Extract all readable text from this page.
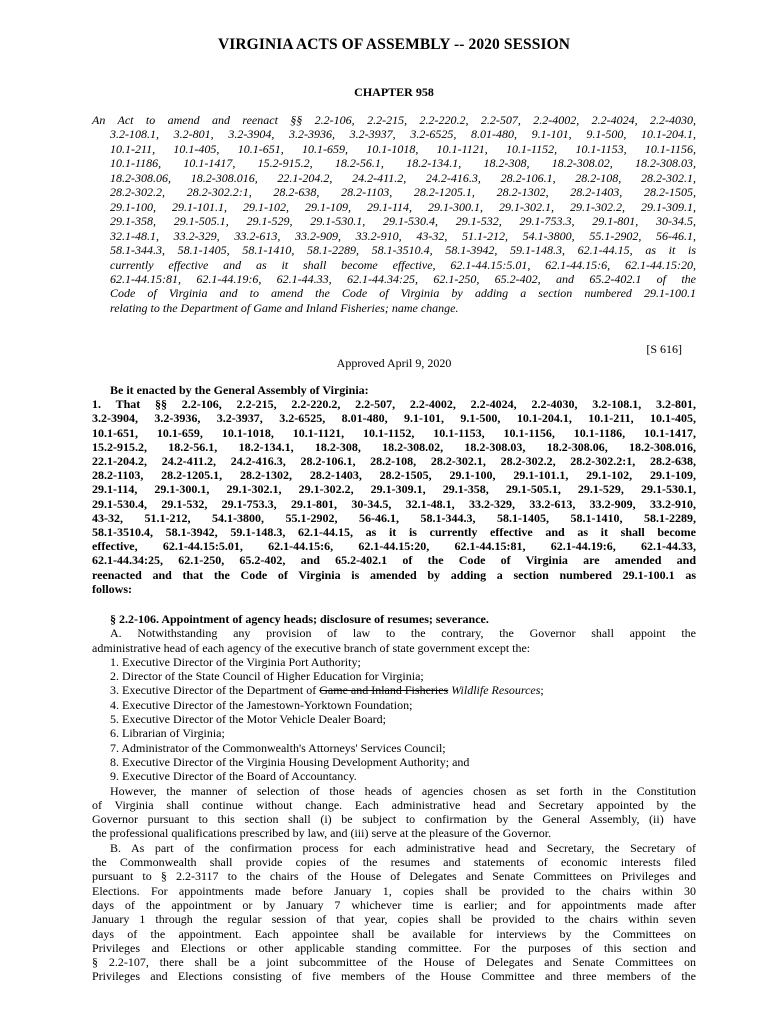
VIRGINIA ACTS OF ASSEMBLY -- 2020 SESSION
CHAPTER 958
An Act to amend and reenact §§ 2.2-106, 2.2-215, 2.2-220.2, 2.2-507, 2.2-4002, 2.2-4024, 2.2-4030,
3.2-108.1, 3.2-801, 3.2-3904, 3.2-3936, 3.2-3937, 3.2-6525, 8.01-480, 9.1-101, 9.1-500, 10.1-204.1,
10.1-211, 10.1-405, 10.1-651, 10.1-659, 10.1-1018, 10.1-1121, 10.1-1152, 10.1-1153, 10.1-1156,
10.1-1186, 10.1-1417, 15.2-915.2, 18.2-56.1, 18.2-134.1, 18.2-308, 18.2-308.02, 18.2-308.03,
18.2-308.06, 18.2-308.016, 22.1-204.2, 24.2-411.2, 24.2-416.3, 28.2-106.1, 28.2-108, 28.2-302.1,
28.2-302.2, 28.2-302.2:1, 28.2-638, 28.2-1103, 28.2-1205.1, 28.2-1302, 28.2-1403, 28.2-1505,
29.1-100, 29.1-101.1, 29.1-102, 29.1-109, 29.1-114, 29.1-300.1, 29.1-302.1, 29.1-302.2, 29.1-309.1,
29.1-358, 29.1-505.1, 29.1-529, 29.1-530.1, 29.1-530.4, 29.1-532, 29.1-753.3, 29.1-801, 30-34.5,
32.1-48.1, 33.2-329, 33.2-613, 33.2-909, 33.2-910, 43-32, 51.1-212, 54.1-3800, 55.1-2902, 56-46.1,
58.1-344.3, 58.1-1405, 58.1-1410, 58.1-2289, 58.1-3510.4, 58.1-3942, 59.1-148.3, 62.1-44.15, as it is
currently effective and as it shall become effective, 62.1-44.15:5.01, 62.1-44.15:6, 62.1-44.15:20,
62.1-44.15:81, 62.1-44.19:6, 62.1-44.33, 62.1-44.34:25, 62.1-250, 65.2-402, and 65.2-402.1 of the
Code of Virginia and to amend the Code of Virginia by adding a section numbered 29.1-100.1
relating to the Department of Game and Inland Fisheries; name change.
[S 616]
Approved April 9, 2020
Be it enacted by the General Assembly of Virginia:
1. That §§ 2.2-106, 2.2-215, 2.2-220.2, 2.2-507, 2.2-4002, 2.2-4024, 2.2-4030, 3.2-108.1, 3.2-801,
3.2-3904, 3.2-3936, 3.2-3937, 3.2-6525, 8.01-480, 9.1-101, 9.1-500, 10.1-204.1, 10.1-211, 10.1-405,
10.1-651, 10.1-659, 10.1-1018, 10.1-1121, 10.1-1152, 10.1-1153, 10.1-1156, 10.1-1186, 10.1-1417,
15.2-915.2, 18.2-56.1, 18.2-134.1, 18.2-308, 18.2-308.02, 18.2-308.03, 18.2-308.06, 18.2-308.016,
22.1-204.2, 24.2-411.2, 24.2-416.3, 28.2-106.1, 28.2-108, 28.2-302.1, 28.2-302.2, 28.2-302.2:1, 28.2-638,
28.2-1103, 28.2-1205.1, 28.2-1302, 28.2-1403, 28.2-1505, 29.1-100, 29.1-101.1, 29.1-102, 29.1-109,
29.1-114, 29.1-300.1, 29.1-302.1, 29.1-302.2, 29.1-309.1, 29.1-358, 29.1-505.1, 29.1-529, 29.1-530.1,
29.1-530.4, 29.1-532, 29.1-753.3, 29.1-801, 30-34.5, 32.1-48.1, 33.2-329, 33.2-613, 33.2-909, 33.2-910,
43-32, 51.1-212, 54.1-3800, 55.1-2902, 56-46.1, 58.1-344.3, 58.1-1405, 58.1-1410, 58.1-2289,
58.1-3510.4, 58.1-3942, 59.1-148.3, 62.1-44.15, as it is currently effective and as it shall become
effective, 62.1-44.15:5.01, 62.1-44.15:6, 62.1-44.15:20, 62.1-44.15:81, 62.1-44.19:6, 62.1-44.33,
62.1-44.34:25, 62.1-250, 65.2-402, and 65.2-402.1 of the Code of Virginia are amended and
reenacted and that the Code of Virginia is amended by adding a section numbered 29.1-100.1 as
follows:
§ 2.2-106. Appointment of agency heads; disclosure of resumes; severance.
A. Notwithstanding any provision of law to the contrary, the Governor shall appoint the
administrative head of each agency of the executive branch of state government except the:
1. Executive Director of the Virginia Port Authority;
2. Director of the State Council of Higher Education for Virginia;
3. Executive Director of the Department of Game and Inland Fisheries Wildlife Resources;
4. Executive Director of the Jamestown-Yorktown Foundation;
5. Executive Director of the Motor Vehicle Dealer Board;
6. Librarian of Virginia;
7. Administrator of the Commonwealth's Attorneys' Services Council;
8. Executive Director of the Virginia Housing Development Authority; and
9. Executive Director of the Board of Accountancy.
However, the manner of selection of those heads of agencies chosen as set forth in the Constitution
of Virginia shall continue without change. Each administrative head and Secretary appointed by the
Governor pursuant to this section shall (i) be subject to confirmation by the General Assembly, (ii) have
the professional qualifications prescribed by law, and (iii) serve at the pleasure of the Governor.
B. As part of the confirmation process for each administrative head and Secretary, the Secretary of
the Commonwealth shall provide copies of the resumes and statements of economic interests filed
pursuant to § 2.2-3117 to the chairs of the House of Delegates and Senate Committees on Privileges and
Elections. For appointments made before January 1, copies shall be provided to the chairs within 30
days of the appointment or by January 7 whichever time is earlier; and for appointments made after
January 1 through the regular session of that year, copies shall be provided to the chairs within seven
days of the appointment. Each appointee shall be available for interviews by the Committees on
Privileges and Elections or other applicable standing committee. For the purposes of this section and
§ 2.2-107, there shall be a joint subcommittee of the House of Delegates and Senate Committees on
Privileges and Elections consisting of five members of the House Committee and three members of the
